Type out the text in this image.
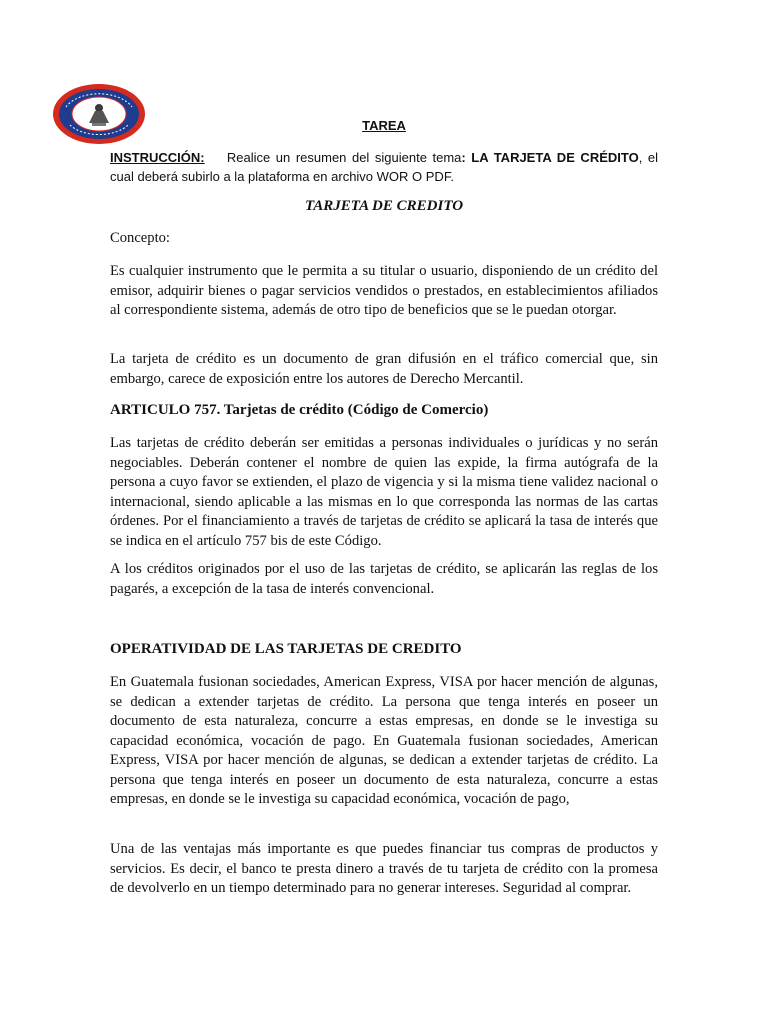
TAREA
INSTRUCCIÓN: Realice un resumen del siguiente tema: LA TARJETA DE CRÉDITO, el cual deberá subirlo a la plataforma en archivo WOR O PDF.
TARJETA DE CREDITO
Concepto:

Es cualquier instrumento que le permita a su titular o usuario, disponiendo de un crédito del emisor, adquirir bienes o pagar servicios vendidos o prestados, en establecimientos afiliados al correspondiente sistema, además de otro tipo de beneficios que se le puedan otorgar.

La tarjeta de crédito es un documento de gran difusión en el tráfico comercial que, sin embargo, carece de exposición entre los autores de Derecho Mercantil.

ARTICULO 757. Tarjetas de crédito (Código de Comercio)

Las tarjetas de crédito deberán ser emitidas a personas individuales o jurídicas y no serán negociables. Deberán contener el nombre de quien las expide, la firma autógrafa de la persona a cuyo favor se extienden, el plazo de vigencia y si la misma tiene validez nacional o internacional, siendo aplicable a las mismas en lo que corresponda las normas de las cartas órdenes. Por el financiamiento a través de tarjetas de crédito se aplicará la tasa de interés que se indica en el artículo 757 bis de este Código.

A los créditos originados por el uso de las tarjetas de crédito, se aplicarán las reglas de los pagarés, a excepción de la tasa de interés convencional.

OPERATIVIDAD DE LAS TARJETAS DE CREDITO

En Guatemala fusionan sociedades, American Express, VISA por hacer mención de algunas, se dedican a extender tarjetas de crédito. La persona que tenga interés en poseer un documento de esta naturaleza, concurre a estas empresas, en donde se le investiga su capacidad económica, vocación de pago. En Guatemala fusionan sociedades, American Express, VISA por hacer mención de algunas, se dedican a extender tarjetas de crédito. La persona que tenga interés en poseer un documento de esta naturaleza, concurre a estas empresas, en donde se le investiga su capacidad económica, vocación de pago,

Una de las ventajas más importante es que puedes financiar tus compras de productos y servicios. Es decir, el banco te presta dinero a través de tu tarjeta de crédito con la promesa de devolverlo en un tiempo determinado para no generar intereses. Seguridad al comprar.
